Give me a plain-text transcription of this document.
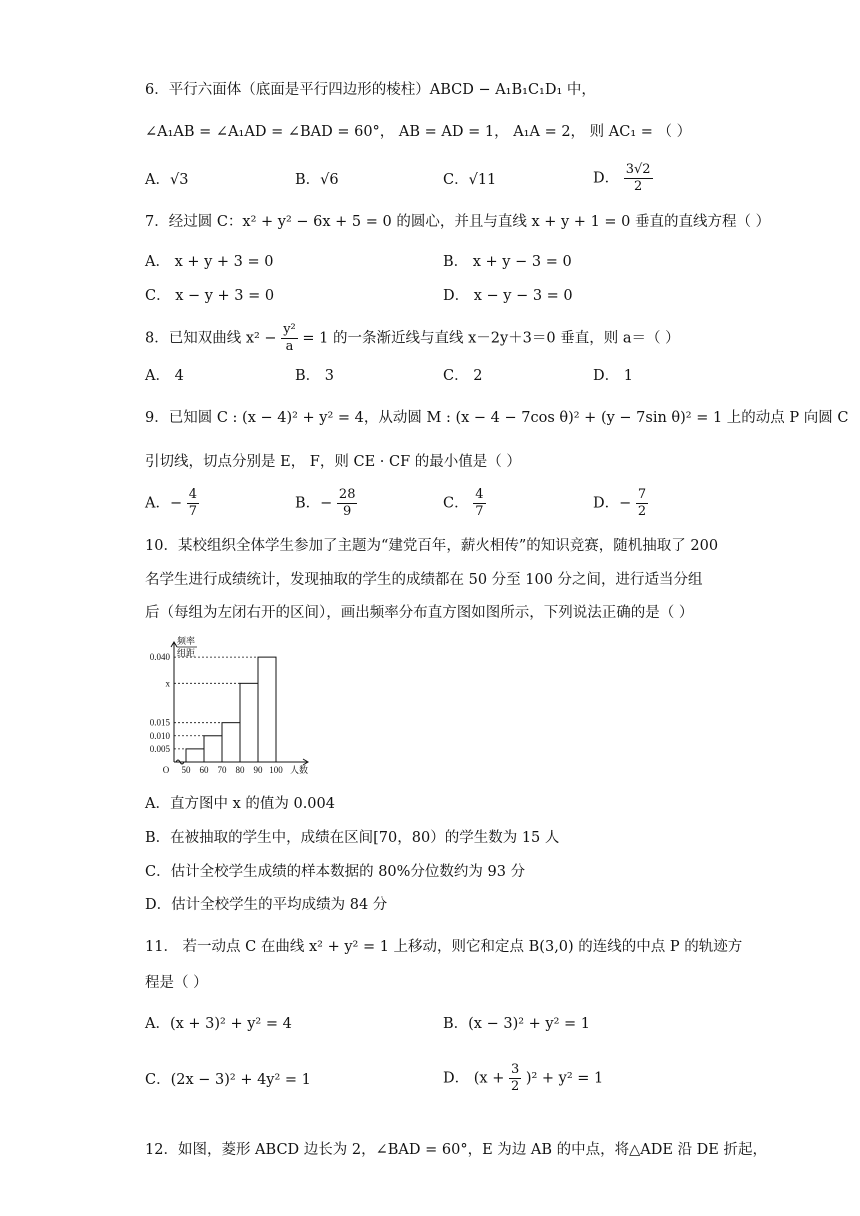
6．平行六面体（底面是平行四边形的棱柱）ABCD − A₁B₁C₁D₁ 中，
∠A₁AB = ∠A₁AD = ∠BAD = 60°， AB = AD = 1， A₁A = 2， 则 AC₁ = （ ）
A．√3	B．√6	C．√11	D． $\frac{3√2}{2}$
7．经过圆 C：x² + y² − 6x + 5 = 0 的圆心，并且与直线 x + y + 1 = 0 垂直的直线方程（ ）
A． x + y + 3 = 0	B． x + y − 3 = 0
C． x − y + 3 = 0	D． x − y − 3 = 0
8．已知双曲线 $x^2 - \frac{\text{y²}}{a} = 1$ 的一条渐近线与直线 x－2y＋3＝0 垂直，则 a＝（ ）
A． 4	B． 3	C． 2	D． 1
9．已知圆 C : (x − 4)² + y² = 4，从动圆 M : (x − 4 − 7cos θ)² + (y − 7sin θ)² = 1 上的动点 P 向圆 C
引切线，切点分别是 E， F，则 CE · CF 的最小值是（ ）
A．− $\frac{4}{7}$	B．− $\frac{28}{9}$	C． $\frac{4}{7}$	D．− $\frac{7}{2}$
10．某校组织全体学生参加了主题为“建党百年，薪火相传”的知识竞赛，随机抽取了 200
名学生进行成绩统计，发现抽取的学生的成绩都在 50 分至 100 分之间，进行适当分组
后（每组为左闭右开的区间），画出频率分布直方图如图所示，下列说法正确的是（ ）
0.005
0.010
0.015
x
0.040
50 60 70 80 90 100
O	人数
频率
组距
A．直方图中 x 的值为 0.004
B．在被抽取的学生中，成绩在区间[70，80）的学生数为 15 人
C．估计全校学生成绩的样本数据的 80%分位数约为 93 分
D．估计全校学生的平均成绩为 84 分
11． 若一动点 C 在曲线 x² + y² = 1 上移动，则它和定点 B(3,0) 的连线的中点 P 的轨迹方
程是（ ）
A．(x + 3)² + y² = 4	B．(x − 3)² + y² = 1
C．(2x − 3)² + 4y² = 1	D． $(x + \frac{3}{2} )^2 + y^2 = 1$
12．如图，菱形 ABCD 边长为 2，∠BAD = 60°，E 为边 AB 的中点，将△ADE 沿 DE 折起，
